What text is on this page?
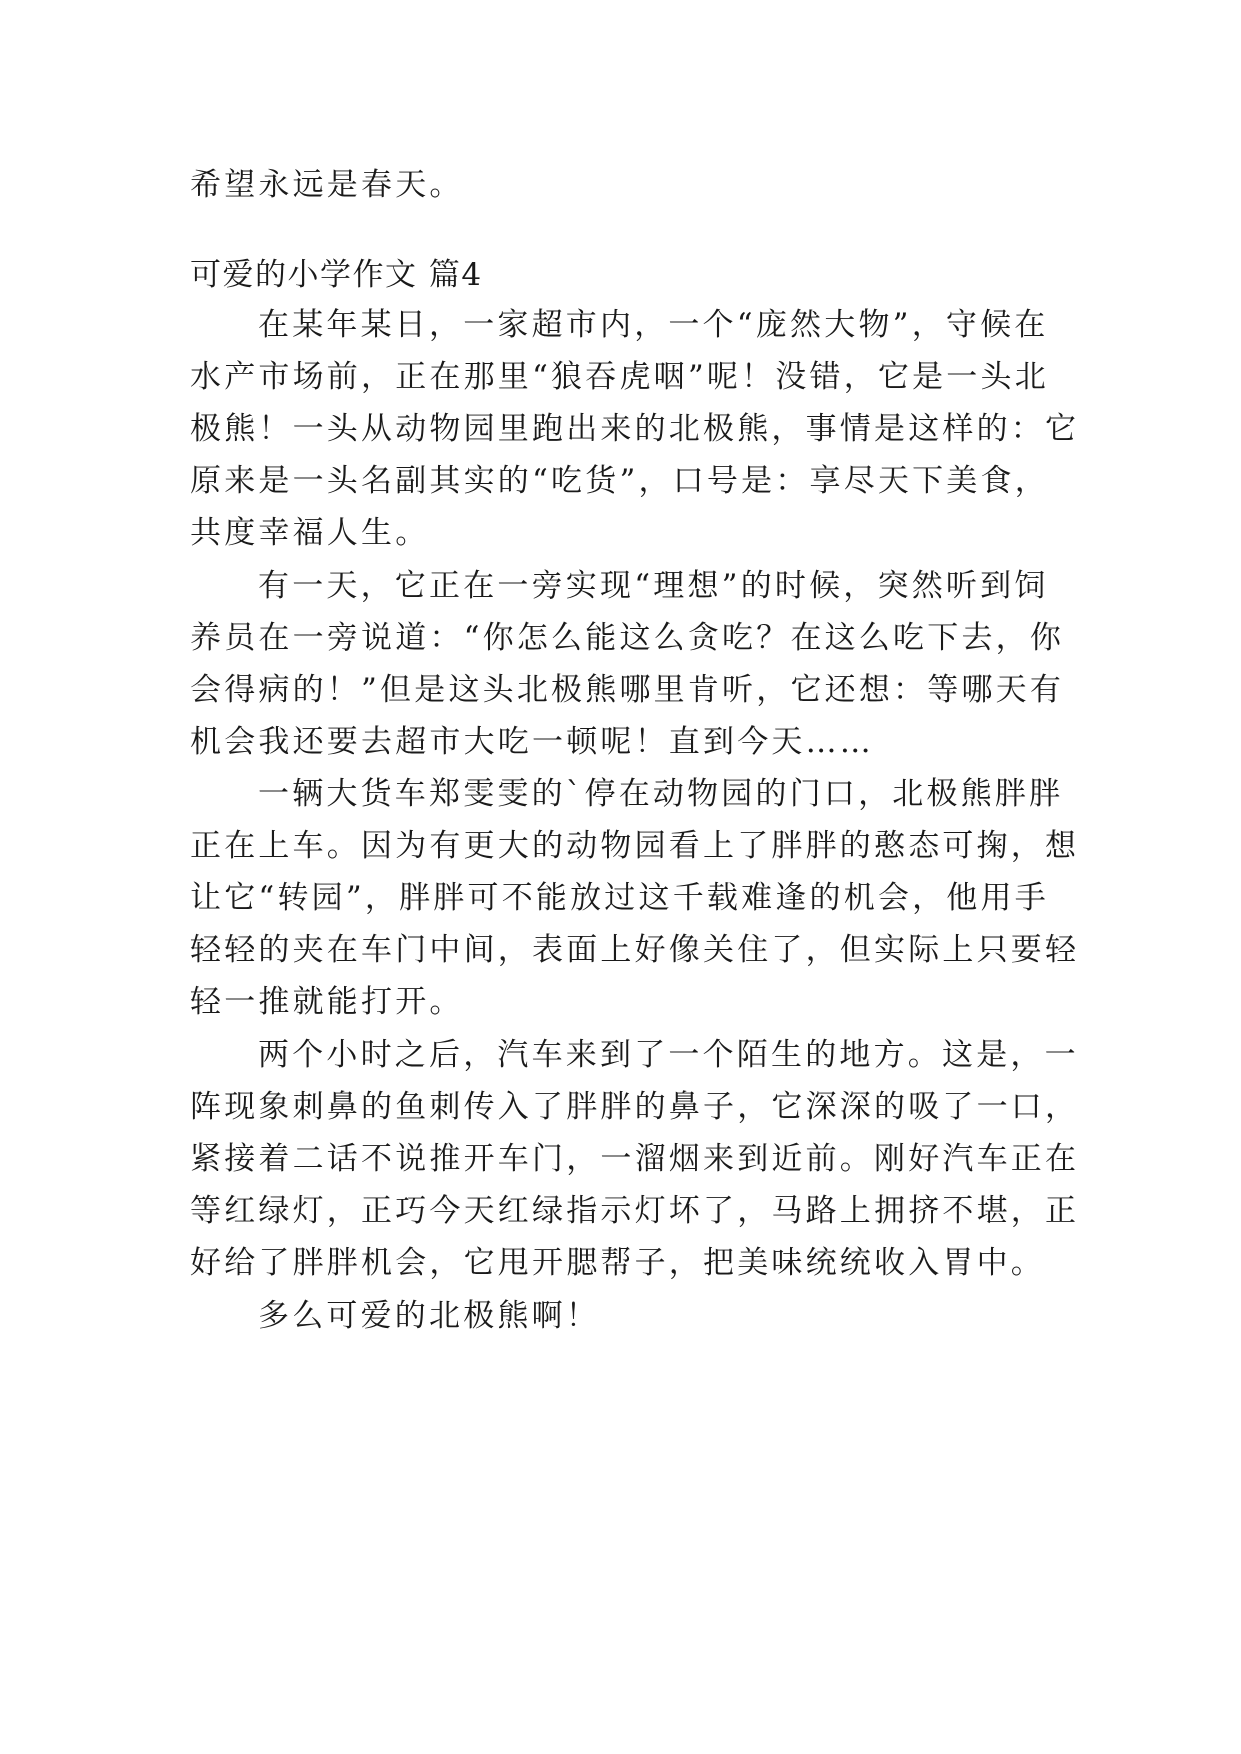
希望永远是春天。
可爱的小学作文 篇4
在某年某日，一家超市内，一个“庞然大物”，守候在
水产市场前，正在那里“狼吞虎咽”呢！没错，它是一头北
极熊！一头从动物园里跑出来的北极熊，事情是这样的：它
原来是一头名副其实的“吃货”，口号是：享尽天下美食，
共度幸福人生。
有一天，它正在一旁实现“理想”的时候，突然听到饲
养员在一旁说道：“你怎么能这么贪吃？在这么吃下去，你
会得病的！”但是这头北极熊哪里肯听，它还想：等哪天有
机会我还要去超市大吃一顿呢！直到今天……
一辆大货车郑雯雯的`停在动物园的门口，北极熊胖胖
正在上车。因为有更大的动物园看上了胖胖的憨态可掬，想
让它“转园”，胖胖可不能放过这千载难逢的机会，他用手
轻轻的夹在车门中间，表面上好像关住了，但实际上只要轻
轻一推就能打开。
两个小时之后，汽车来到了一个陌生的地方。这是，一
阵现象刺鼻的鱼刺传入了胖胖的鼻子，它深深的吸了一口，
紧接着二话不说推开车门，一溜烟来到近前。刚好汽车正在
等红绿灯，正巧今天红绿指示灯坏了，马路上拥挤不堪，正
好给了胖胖机会，它甩开腮帮子，把美味统统收入胃中。
多么可爱的北极熊啊！
